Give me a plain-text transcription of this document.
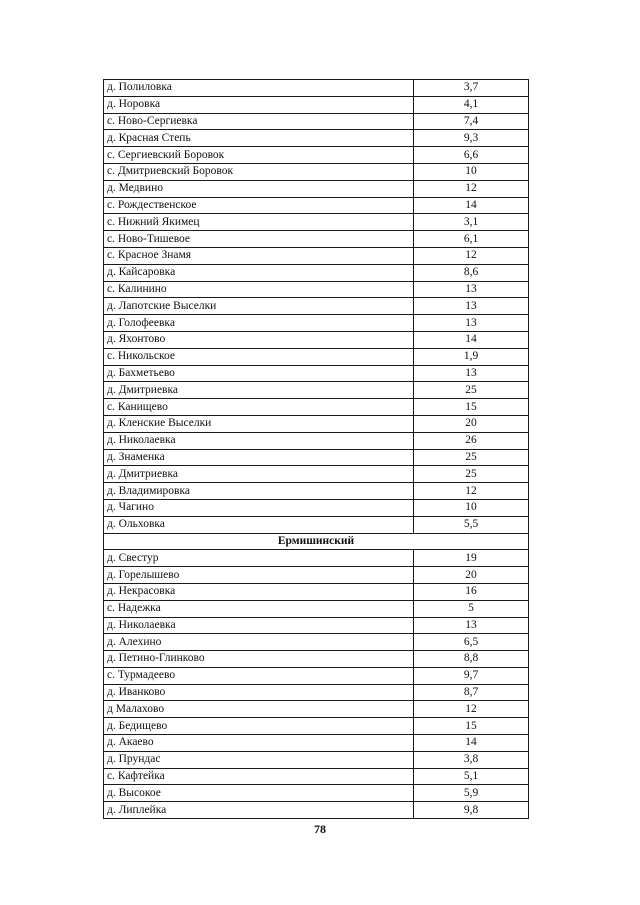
д. Полиловка	3,7
д. Норовка	4,1
с. Ново-Сергиевка	7,4
д. Красная Степь	9,3
с. Сергиевский Боровок	6,6
с. Дмитриевский Боровок	10
д. Медвино	12
с. Рождественское	14
с. Нижний Якимец	3,1
с. Ново-Тишевое	6,1
с. Красное Знамя	12
д. Кайсаровка	8,6
с. Калинино	13
д. Лапотские Выселки	13
д. Голофеевка	13
д. Яхонтово	14
с. Никольское	1,9
д. Бахметьево	13
д. Дмитриевка	25
с. Канищево	15
д. Кленские Выселки	20
д. Николаевка	26
д. Знаменка	25
д. Дмитриевка	25
д. Владимировка	12
д. Чагино	10
д. Ольховка	5,5
Ермишинский	
д. Свестур	19
д. Горелышево	20
д. Некрасовка	16
с. Надежка	5
д. Николаевка	13
д. Алехино	6,5
д. Петино-Глинково	8,8
с. Турмадеево	9,7
д. Иванково	8,7
д Малахово	12
д. Бедищево	15
д. Акаево	14
д. Прундас	3,8
с. Кафтейка	5,1
д. Высокое	5,9
д. Липлейка	9,8
78
